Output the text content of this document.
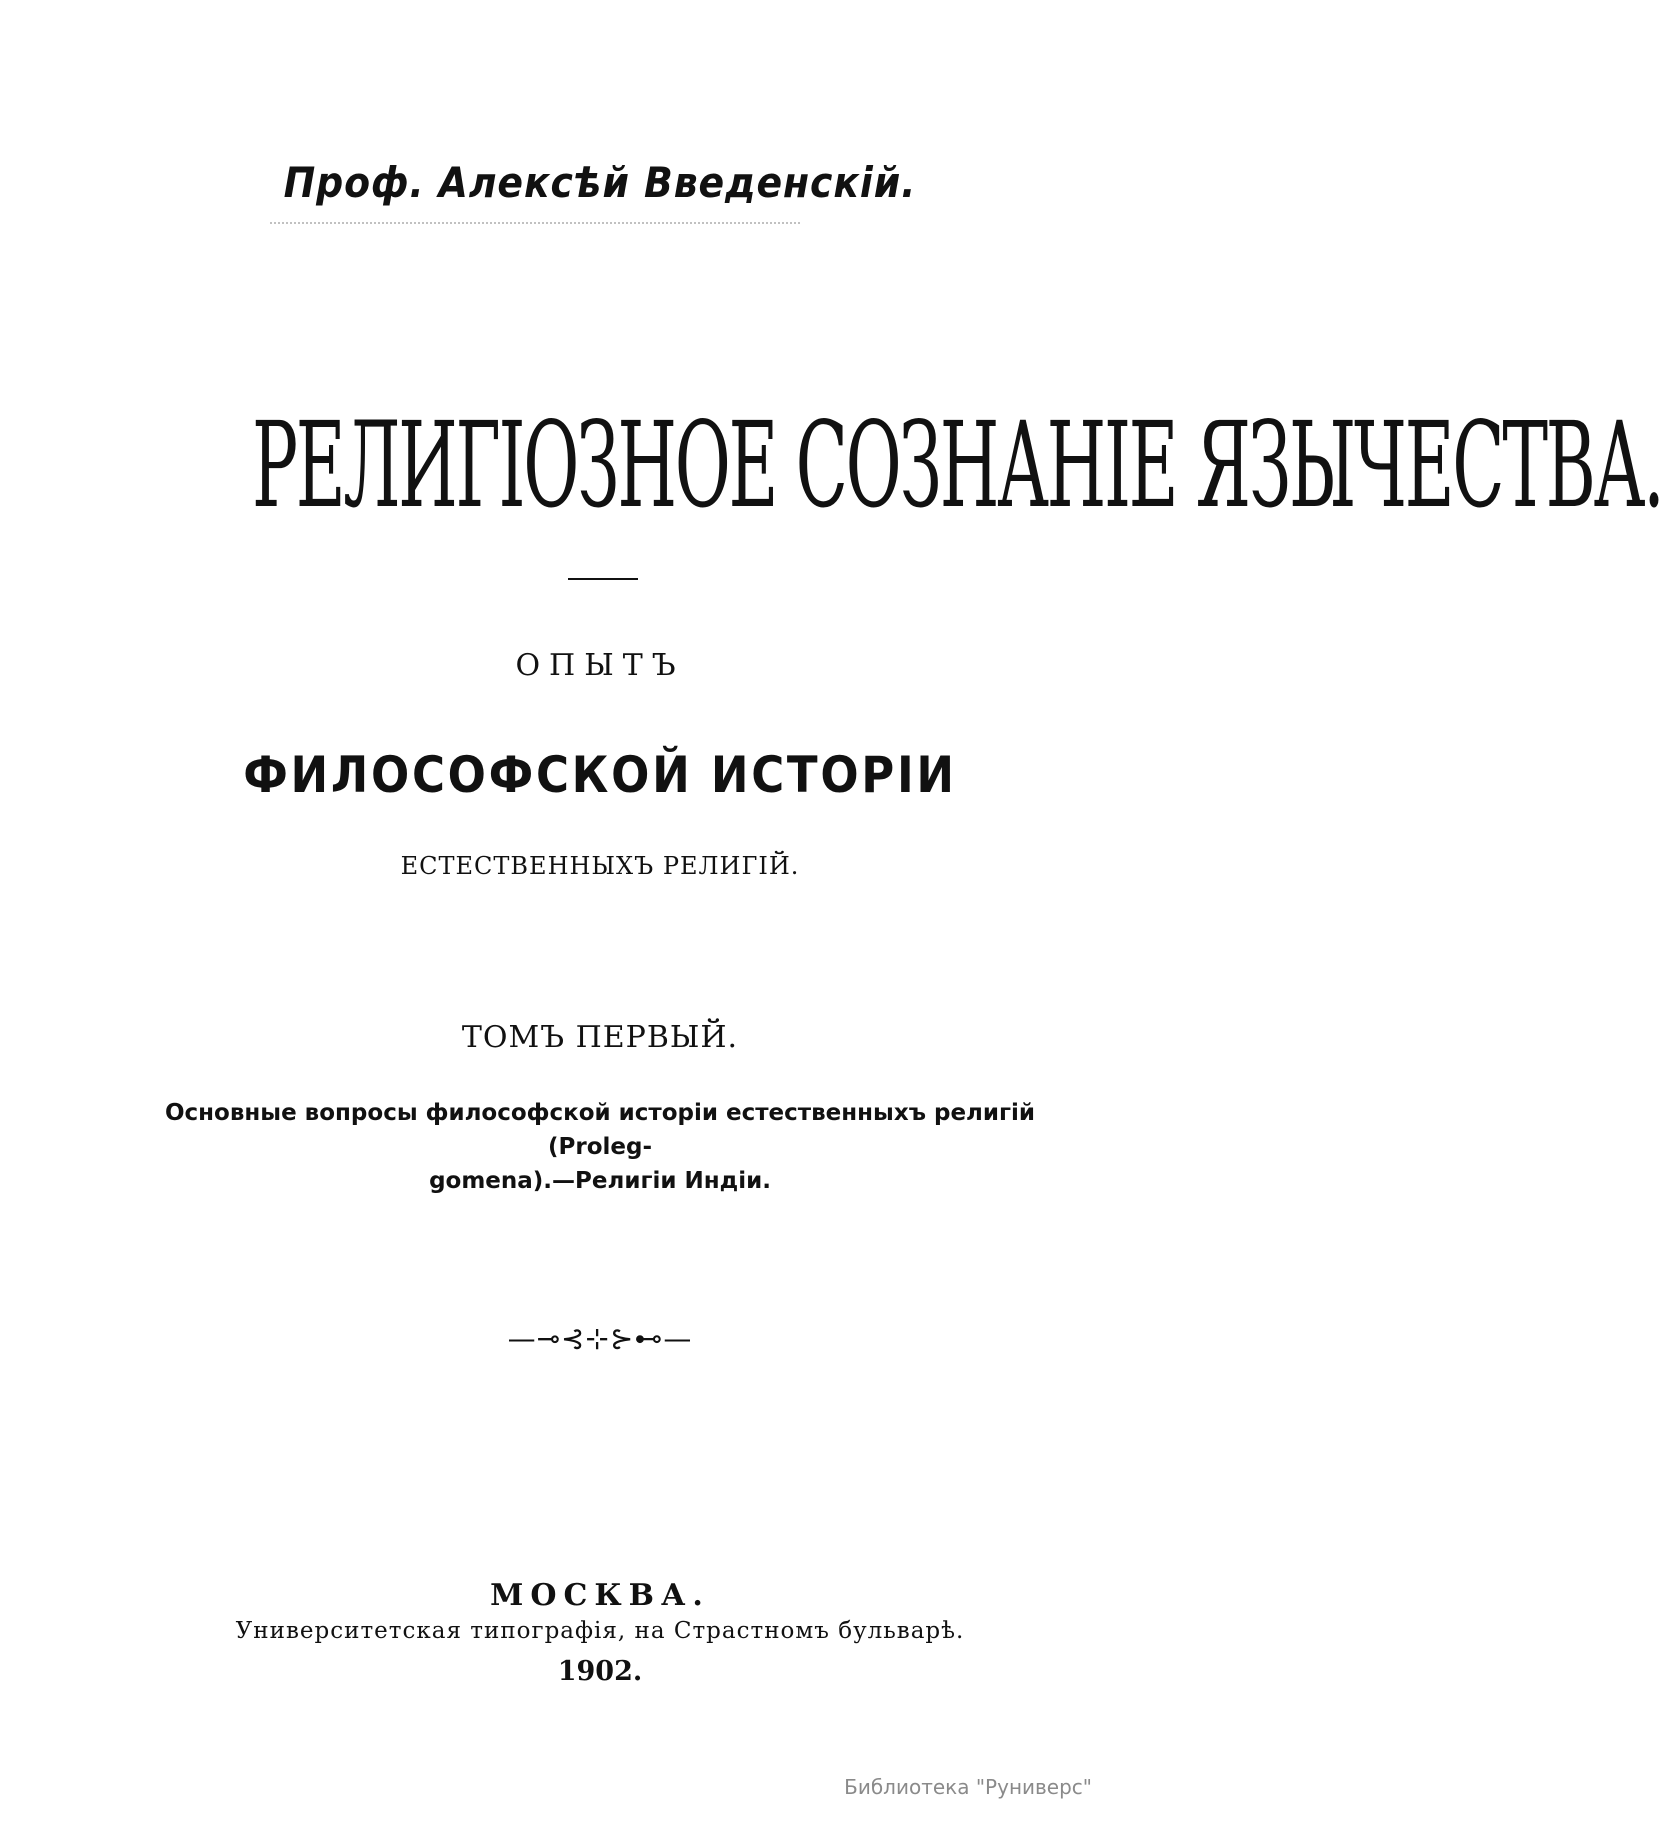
Проф. Алексѣй Введенскій.
РЕЛИГІОЗНОЕ СОЗНАНІЕ ЯЗЫЧЕСТВА.
ОПЫТЪ
ФИЛОСОФСКОЙ ИСТОРІИ
ЕСТЕСТВЕННЫХЪ РЕЛИГІЙ.
ТОМЪ ПЕРВЫЙ.
Основные вопросы философской исторіи естественныхъ религій (Proleg-
gomena).—Религіи Индіи.
—⊸⊰⊹⊱⊷—
МОСКВА.
Университетская типографія, на Страстномъ бульварѣ.
1902.
Библиотека "Руниверс"
